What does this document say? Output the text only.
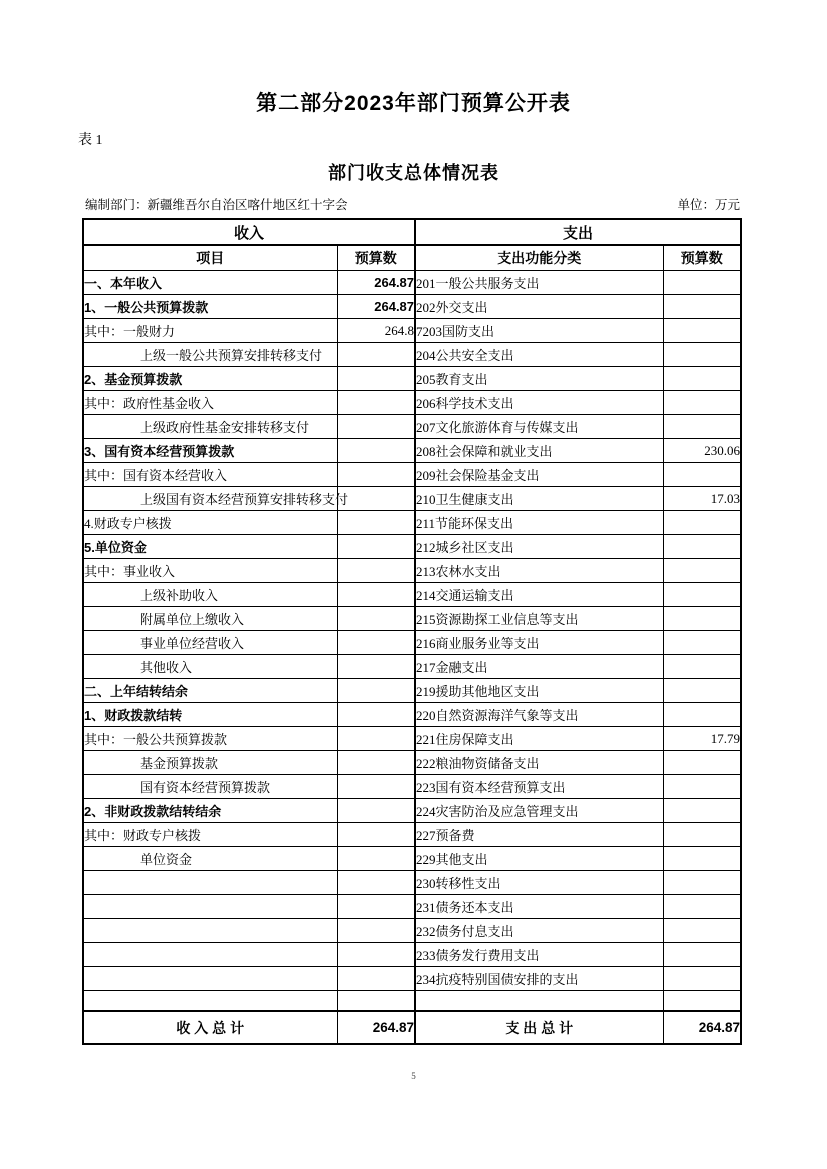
第二部分2023年部门预算公开表
表 1
部门收支总体情况表
编制部门：新疆维吾尔自治区喀什地区红十字会	单位：万元
收入		支出	
项目	预算数	支出功能分类	预算数
一、本年收入	264.87	201一般公共服务支出	
1、一般公共预算拨款	264.87	202外交支出	
其中：一般财力	264.8	7203国防支出	
上级一般公共预算安排转移支付		204公共安全支出	
2、基金预算拨款		205教育支出	
其中：政府性基金收入		206科学技术支出	
上级政府性基金安排转移支付		207文化旅游体育与传媒支出	
3、国有资本经营预算拨款		208社会保障和就业支出	230.06
其中：国有资本经营收入		209社会保险基金支出	
上级国有资本经营预算安排转移支付		210卫生健康支出	17.03
4.财政专户核拨		211节能环保支出	
5.单位资金		212城乡社区支出	
其中：事业收入		213农林水支出	
上级补助收入		214交通运输支出	
附属单位上缴收入		215资源勘探工业信息等支出	
事业单位经营收入		216商业服务业等支出	
其他收入		217金融支出	
二、上年结转结余		219援助其他地区支出	
1、财政拨款结转		220自然资源海洋气象等支出	
其中：一般公共预算拨款		221住房保障支出	17.79
基金预算拨款		222粮油物资储备支出	
国有资本经营预算拨款		223国有资本经营预算支出	
2、非财政拨款结转结余		224灾害防治及应急管理支出	
其中：财政专户核拨		227预备费	
单位资金		229其他支出	
		230转移性支出	
		231债务还本支出	
		232债务付息支出	
		233债务发行费用支出	
		234抗疫特别国债安排的支出	

收 入 总 计	264.87	支 出 总 计	264.87
5
